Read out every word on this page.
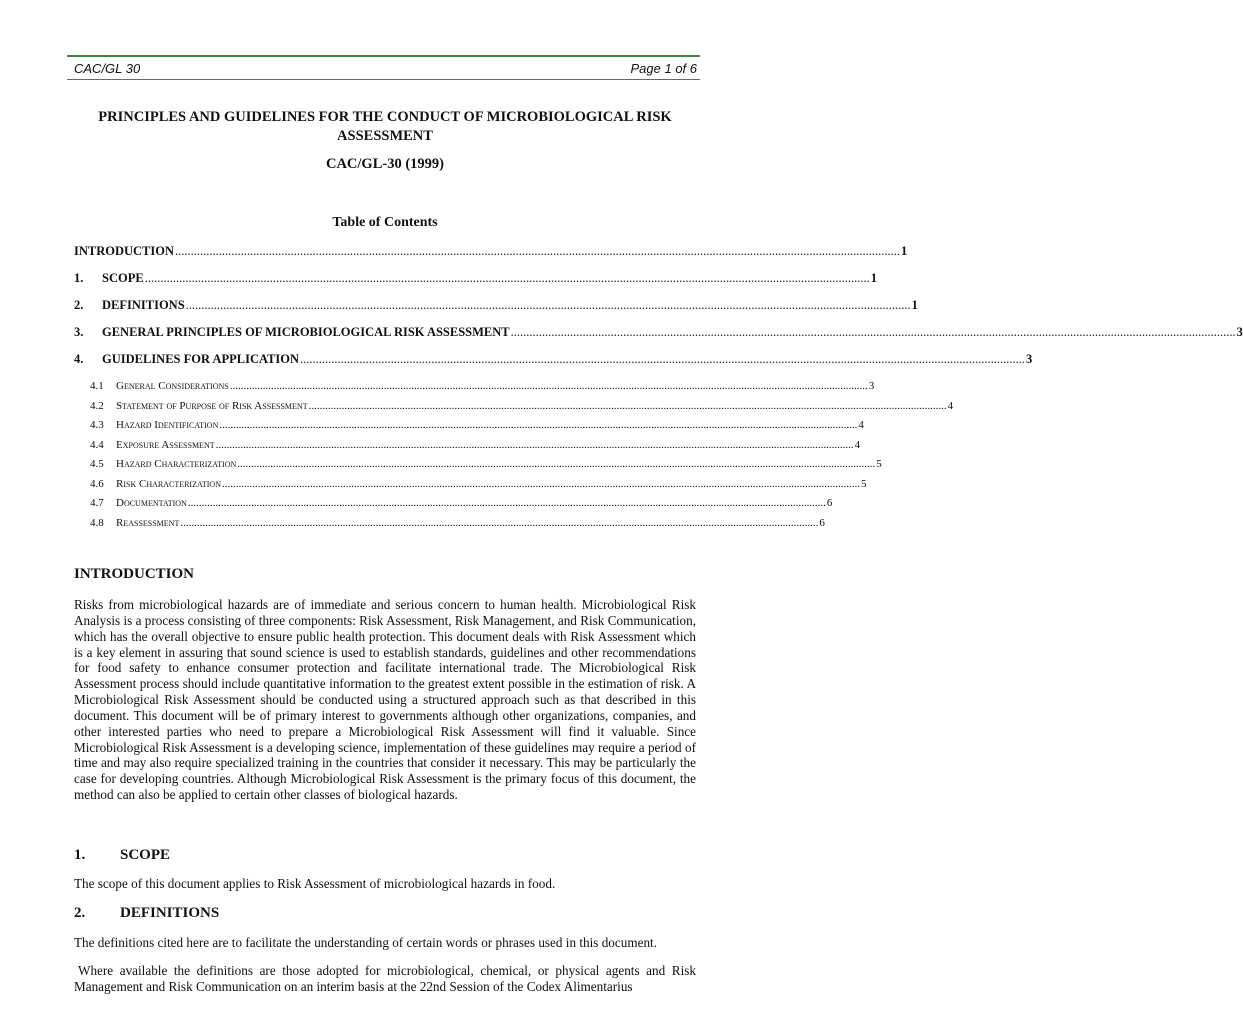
CAC/GL 30	Page 1 of 6
PRINCIPLES AND GUIDELINES FOR THE CONDUCT OF MICROBIOLOGICAL RISK
ASSESSMENT
CAC/GL-30 (1999)
Table of Contents
INTRODUCTION ........................................................................................................................................................................................................................................ 1
1.	SCOPE ........................................................................................................................................................................................................................................ 1
2.	DEFINITIONS ........................................................................................................................................................................................................................................ 1
3.	GENERAL PRINCIPLES OF MICROBIOLOGICAL RISK ASSESSMENT ........................................................................................................................................................................................................................................ 3
4.	GUIDELINES FOR APPLICATION ........................................................................................................................................................................................................................................ 3
4.1	General Considerations ........................................................................................................................................................................................................................................ 3
4.2	Statement of Purpose of Risk Assessment ........................................................................................................................................................................................................................................ 4
4.3	Hazard Identification ........................................................................................................................................................................................................................................ 4
4.4	Exposure Assessment ........................................................................................................................................................................................................................................ 4
4.5	Hazard Characterization ........................................................................................................................................................................................................................................ 5
4.6	Risk Characterization ........................................................................................................................................................................................................................................ 5
4.7	Documentation ........................................................................................................................................................................................................................................ 6
4.8	Reassessment ........................................................................................................................................................................................................................................ 6
INTRODUCTION

Risks from microbiological hazards are of immediate and serious concern to human health. Microbiological Risk Analysis is a process consisting of three components: Risk Assessment, Risk Management, and Risk Communication, which has the overall objective to ensure public health protection. This document deals with Risk Assessment which is a key element in assuring that sound science is used to establish standards, guidelines and other recommendations for food safety to enhance consumer protection and facilitate international trade. The Microbiological Risk Assessment process should include quantitative information to the greatest extent possible in the estimation of risk. A Microbiological Risk Assessment should be conducted using a structured approach such as that described in this document. This document will be of primary interest to governments although other organizations, companies, and other interested parties who need to prepare a Microbiological Risk Assessment will find it valuable. Since Microbiological Risk Assessment is a developing science, implementation of these guidelines may require a period of time and may also require specialized training in the countries that consider it necessary. This may be particularly the case for developing countries. Although Microbiological Risk Assessment is the primary focus of this document, the method can also be applied to certain other classes of biological hazards.

1. SCOPE

The scope of this document applies to Risk Assessment of microbiological hazards in food.

2. DEFINITIONS

The definitions cited here are to facilitate the understanding of certain words or phrases used in this document.

Where available the definitions are those adopted for microbiological, chemical, or physical agents and Risk Management and Risk Communication on an interim basis at the 22nd Session of the Codex Alimentarius
